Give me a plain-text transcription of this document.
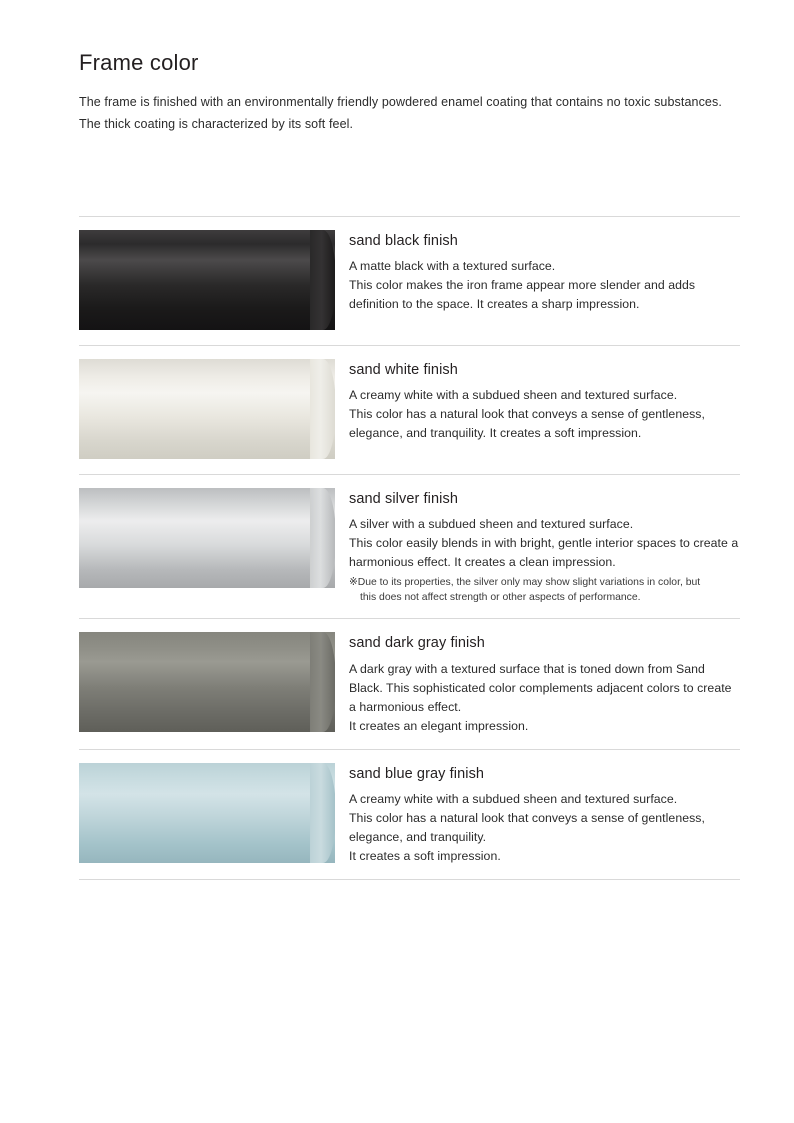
Frame color

The frame is finished with an environmentally friendly powdered enamel coating that contains no toxic substances. The thick coating is characterized by its soft feel.

sand black finish

A matte black with a textured surface.

This color makes the iron frame appear more slender and adds definition to the space. It creates a sharp impression.

sand white finish

A creamy white with a subdued sheen and textured surface.

This color has a natural look that conveys a sense of gentleness, elegance, and tranquility. It creates a soft impression.

sand silver finish

A silver with a subdued sheen and textured surface.

This color easily blends in with bright, gentle interior spaces to create a harmonious effect. It creates a clean impression.

※Due to its properties, the silver only may show slight variations in color, but
this does not affect strength or other aspects of performance.

sand dark gray finish

A dark gray with a textured surface that is toned down from Sand Black. This sophisticated color complements adjacent colors to create a harmonious effect.

It creates an elegant impression.

sand blue gray finish

A creamy white with a subdued sheen and textured surface.

This color has a natural look that conveys a sense of gentleness, elegance, and tranquility.

It creates a soft impression.
